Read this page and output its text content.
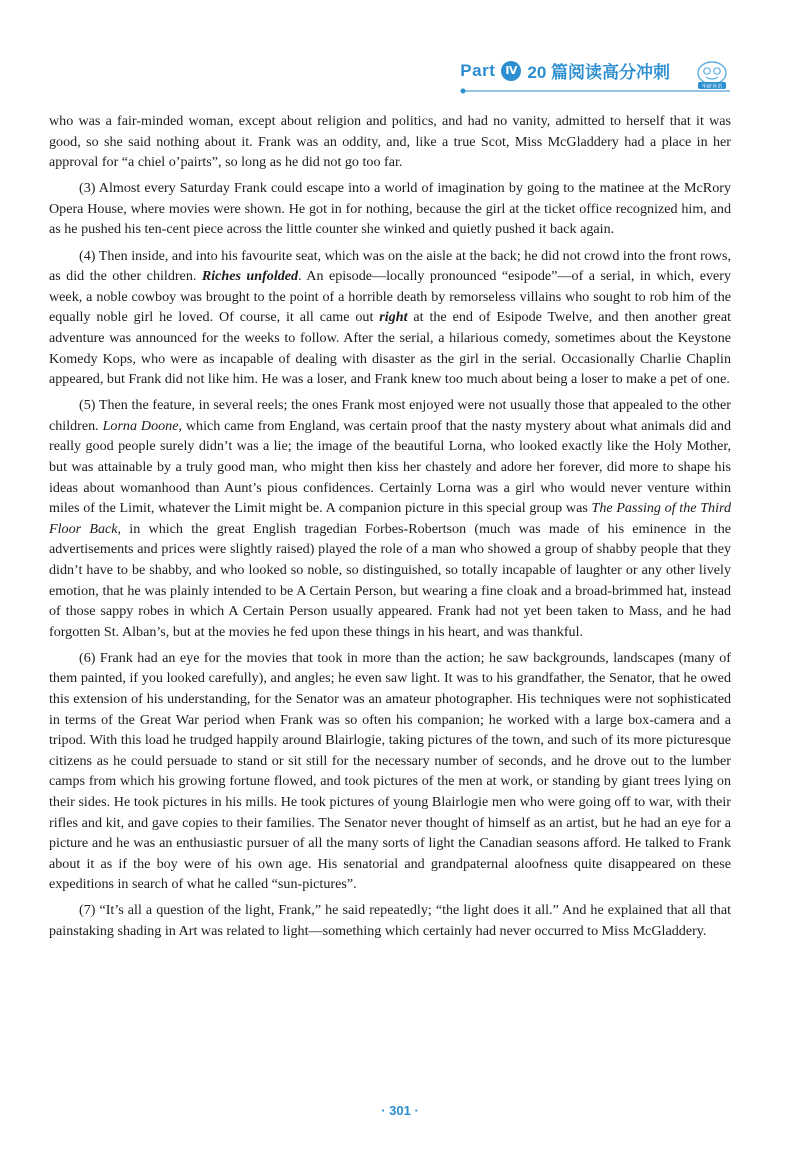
Part Ⅳ 20 篇阅读高分冲刺
华研外语

who was a fair-minded woman, except about religion and politics, and had no vanity, admitted to herself that it was good, so she said nothing about it. Frank was an oddity, and, like a true Scot, Miss McGladdery had a place in her approval for “a chiel o’pairts”, so long as he did not go too far.

(3) Almost every Saturday Frank could escape into a world of imagination by going to the matinee at the McRory Opera House, where movies were shown. He got in for nothing, because the girl at the ticket office recognized him, and as he pushed his ten-cent piece across the little counter she winked and quietly pushed it back again.

(4) Then inside, and into his favourite seat, which was on the aisle at the back; he did not crowd into the front rows, as did the other children. Riches unfolded. An episode—locally pronounced “esipode”—of a serial, in which, every week, a noble cowboy was brought to the point of a horrible death by remorseless villains who sought to rob him of the equally noble girl he loved. Of course, it all came out right at the end of Esipode Twelve, and then another great adventure was announced for the weeks to follow. After the serial, a hilarious comedy, sometimes about the Keystone Komedy Kops, who were as incapable of dealing with disaster as the girl in the serial. Occasionally Charlie Chaplin appeared, but Frank did not like him. He was a loser, and Frank knew too much about being a loser to make a pet of one.

(5) Then the feature, in several reels; the ones Frank most enjoyed were not usually those that appealed to the other children. Lorna Doone, which came from England, was certain proof that the nasty mystery about what animals did and really good people surely didn’t was a lie; the image of the beautiful Lorna, who looked exactly like the Holy Mother, but was attainable by a truly good man, who might then kiss her chastely and adore her forever, did more to shape his ideas about womanhood than Aunt’s pious confidences. Certainly Lorna was a girl who would never venture within miles of the Limit, whatever the Limit might be. A companion picture in this special group was The Passing of the Third Floor Back, in which the great English tragedian Forbes-Robertson (much was made of his eminence in the advertisements and prices were slightly raised) played the role of a man who showed a group of shabby people that they didn’t have to be shabby, and who looked so noble, so distinguished, so totally incapable of laughter or any other lively emotion, that he was plainly intended to be A Certain Person, but wearing a fine cloak and a broad-brimmed hat, instead of those sappy robes in which A Certain Person usually appeared. Frank had not yet been taken to Mass, and he had forgotten St. Alban’s, but at the movies he fed upon these things in his heart, and was thankful.

(6) Frank had an eye for the movies that took in more than the action; he saw backgrounds, landscapes (many of them painted, if you looked carefully), and angles; he even saw light. It was to his grandfather, the Senator, that he owed this extension of his understanding, for the Senator was an amateur photographer. His techniques were not sophisticated in terms of the Great War period when Frank was so often his companion; he worked with a large box-camera and a tripod. With this load he trudged happily around Blairlogie, taking pictures of the town, and such of its more picturesque citizens as he could persuade to stand or sit still for the necessary number of seconds, and he drove out to the lumber camps from which his growing fortune flowed, and took pictures of the men at work, or standing by giant trees lying on their sides. He took pictures in his mills. He took pictures of young Blairlogie men who were going off to war, with their rifles and kit, and gave copies to their families. The Senator never thought of himself as an artist, but he had an eye for a picture and he was an enthusiastic pursuer of all the many sorts of light the Canadian seasons afford. He talked to Frank about it as if the boy were of his own age. His senatorial and grandpaternal aloofness quite disappeared on these expeditions in search of what he called “sun-pictures”.

(7) “It’s all a question of the light, Frank,” he said repeatedly; “the light does it all.” And he explained that all that painstaking shading in Art was related to light—something which certainly had never occurred to Miss McGladdery.

· 301 ·
